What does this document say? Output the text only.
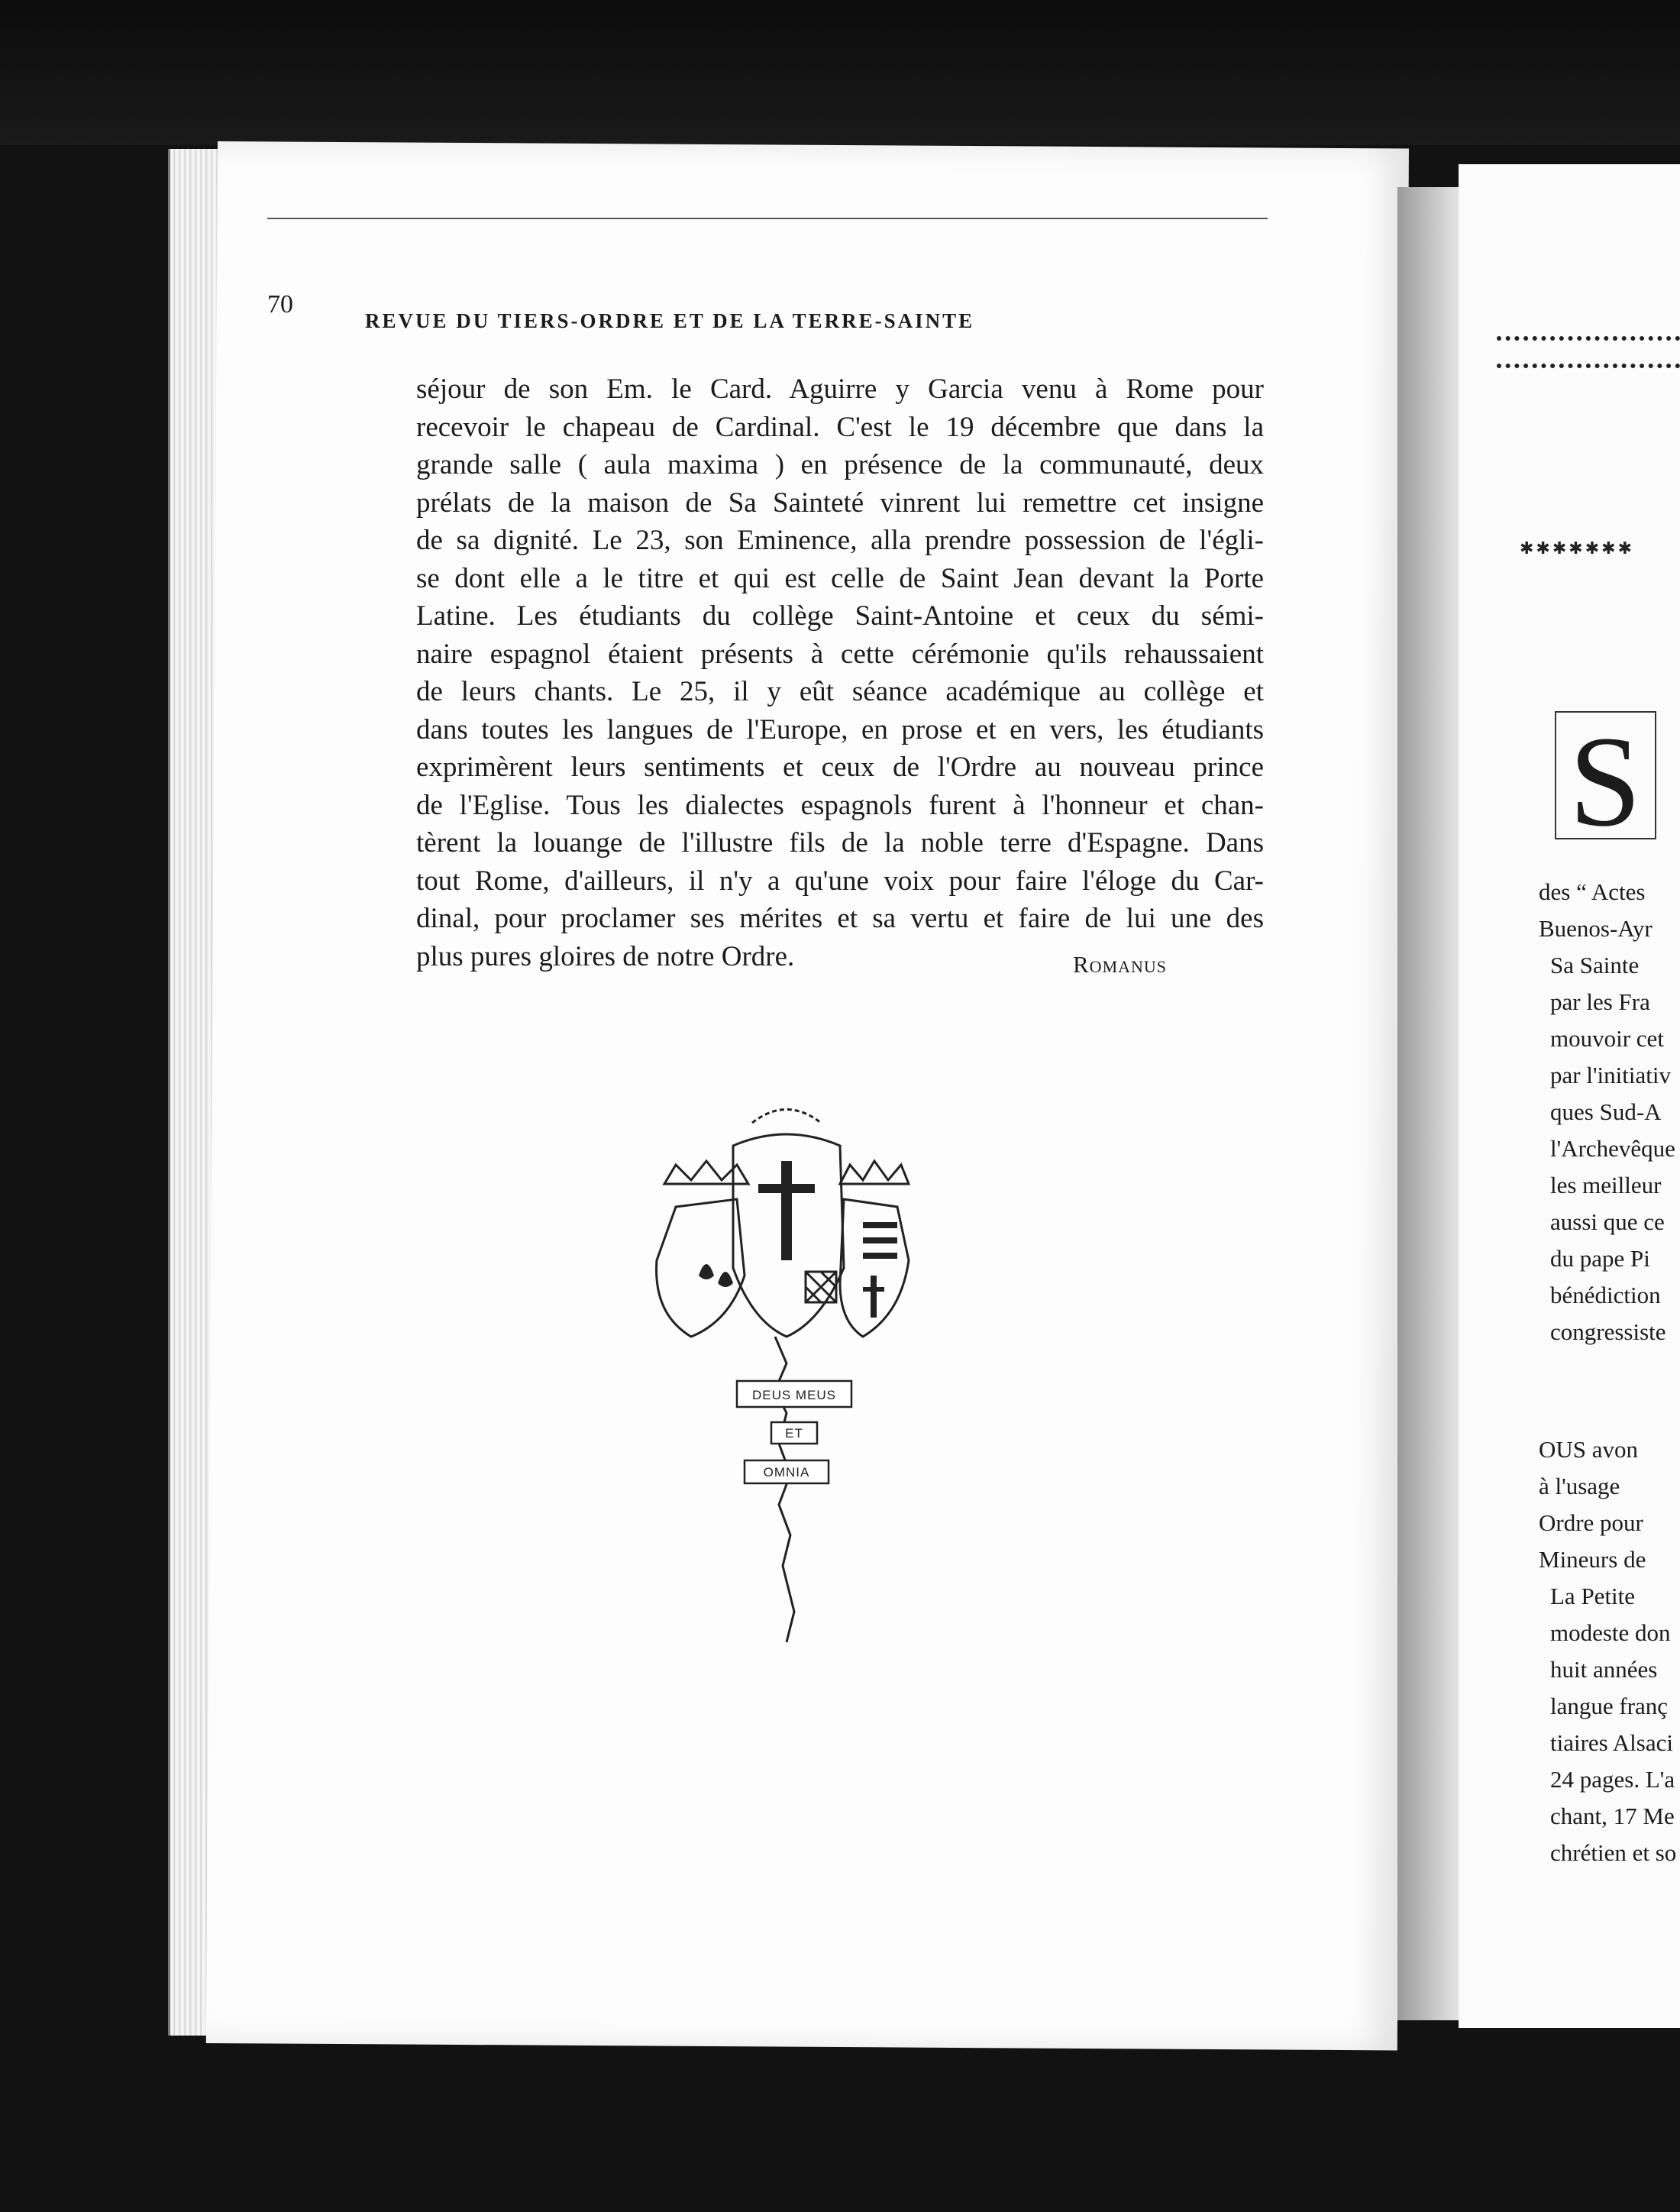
70
REVUE DU TIERS-ORDRE ET DE LA TERRE-SAINTE
séjour de son Em. le Card. Aguirre y Garcia venu à Rome pour
recevoir le chapeau de Cardinal. C'est le 19 décembre que dans la
grande salle ( aula maxima ) en présence de la communauté, deux
prélats de la maison de Sa Sainteté vinrent lui remettre cet insigne
de sa dignité. Le 23, son Eminence, alla prendre possession de l'égli-
se dont elle a le titre et qui est celle de Saint Jean devant la Porte
Latine. Les étudiants du collège Saint-Antoine et ceux du sémi-
naire espagnol étaient présents à cette cérémonie qu'ils rehaussaient
de leurs chants. Le 25, il y eût séance académique au collège et
dans toutes les langues de l'Europe, en prose et en vers, les étudiants
exprimèrent leurs sentiments et ceux de l'Ordre au nouveau prince
de l'Eglise. Tous les dialectes espagnols furent à l'honneur et chan-
tèrent la louange de l'illustre fils de la noble terre d'Espagne. Dans
tout Rome, d'ailleurs, il n'y a qu'une voix pour faire l'éloge du Car-
dinal, pour proclamer ses mérites et sa vertu et faire de lui une des
plus pures gloires de notre Ordre.	Romanus
DEUS MEUS
ET
OMNIA
✱✱✱✱✱✱✱
S
des “ Actes
Buenos-Ayr
Sa Sainte
par les Fra
mouvoir cet
par l'initiativ
ques Sud-A
l'Archevêque
les meilleur
aussi que ce
du pape Pi
bénédiction
congressiste
OUS avon
à l'usage
Ordre pour
Mineurs de
La Petite
modeste don
huit années
langue franç
tiaires Alsaci
24 pages. L'a
chant, 17 Me
chrétien et so
